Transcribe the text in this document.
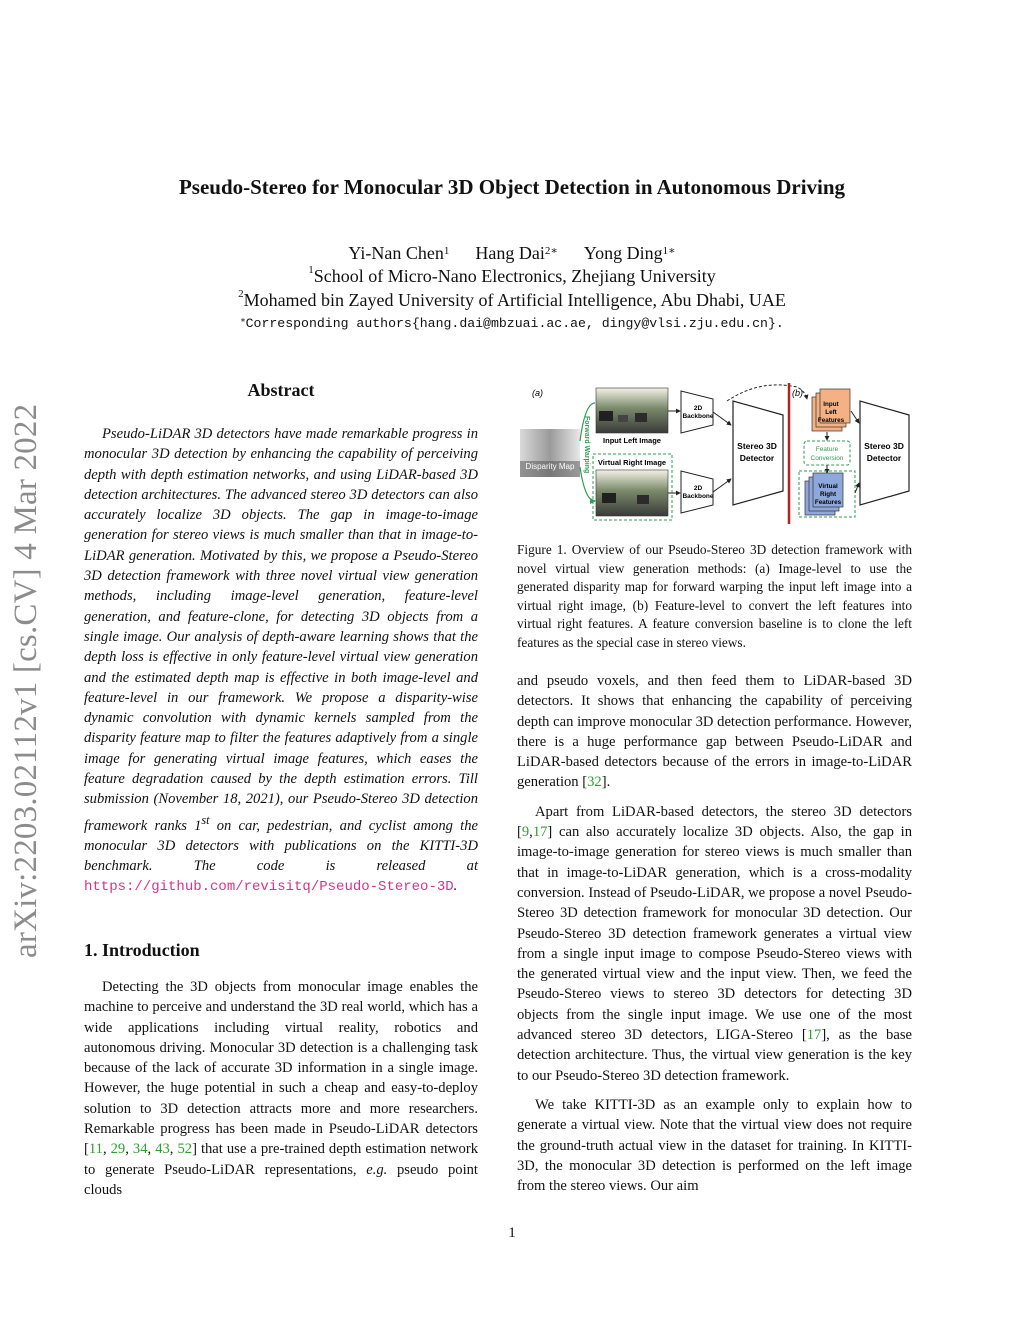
arXiv:2203.02112v1 [cs.CV] 4 Mar 2022
Pseudo-Stereo for Monocular 3D Object Detection in Autonomous Driving
Yi-Nan Chen$^1$ Hang Dai$^{2∗}$ Yong Ding$^{1∗}$
$^1$School of Micro-Nano Electronics, Zhejiang University
$^2$Mohamed bin Zayed University of Artificial Intelligence, Abu Dhabi, UAE
∗Corresponding authors{hang.dai@mbzuai.ac.ae, dingy@vlsi.zju.edu.cn}.
Abstract

Pseudo-LiDAR 3D detectors have made remarkable progress in monocular 3D detection by enhancing the capability of perceiving depth with depth estimation networks, and using LiDAR-based 3D detection architectures. The advanced stereo 3D detectors can also accurately localize 3D objects. The gap in image-to-image generation for stereo views is much smaller than that in image-to-LiDAR generation. Motivated by this, we propose a Pseudo-Stereo 3D detection framework with three novel virtual view generation methods, including image-level generation, feature-level generation, and feature-clone, for detecting 3D objects from a single image. Our analysis of depth-aware learning shows that the depth loss is effective in only feature-level virtual view generation and the estimated depth map is effective in both image-level and feature-level in our framework. We propose a disparity-wise dynamic convolution with dynamic kernels sampled from the disparity feature map to filter the features adaptively from a single image for generating virtual image features, which eases the feature degradation caused by the depth estimation errors. Till submission (November 18, 2021), our Pseudo-Stereo 3D detection framework ranks 1st on car, pedestrian, and cyclist among the monocular 3D detectors with publications on the KITTI-3D benchmark. The code is released at https://github.com/revisitq/Pseudo-Stereo-3D.

1. Introduction

Detecting the 3D objects from monocular image enables the machine to perceive and understand the 3D real world, which has a wide applications including virtual reality, robotics and autonomous driving. Monocular 3D detection is a challenging task because of the lack of accurate 3D information in a single image. However, the huge potential in such a cheap and easy-to-deploy solution to 3D detection attracts more and more researchers. Remarkable progress has been made in Pseudo-LiDAR detectors [11, 29, 34, 43, 52] that use a pre-trained depth estimation network to generate Pseudo-LiDAR representations, e.g. pseudo point clouds

(a)	(b)
Disparity Map Forward Warping Input Left Image
Virtual Right Image
2D
Backbone
2D
Backbone
Stereo 3D
Detector
Input
Left
Features
Feature
Conversion
Virtual
Right
Features
Stereo 3D
Detector

Figure 1. Overview of our Pseudo-Stereo 3D detection framework with novel virtual view generation methods: (a) Image-level to use the generated disparity map for forward warping the input left image into a virtual right image, (b) Feature-level to convert the left features into virtual right features. A feature conversion baseline is to clone the left features as the special case in stereo views.

and pseudo voxels, and then feed them to LiDAR-based 3D detectors. It shows that enhancing the capability of perceiving depth can improve monocular 3D detection performance. However, there is a huge performance gap between Pseudo-LiDAR and LiDAR-based detectors because of the errors in image-to-LiDAR generation [32].

Apart from LiDAR-based detectors, the stereo 3D detectors [9,17] can also accurately localize 3D objects. Also, the gap in image-to-image generation for stereo views is much smaller than that in image-to-LiDAR generation, which is a cross-modality conversion. Instead of Pseudo-LiDAR, we propose a novel Pseudo-Stereo 3D detection framework for monocular 3D detection. Our Pseudo-Stereo 3D detection framework generates a virtual view from a single input image to compose Pseudo-Stereo views with the generated virtual view and the input view. Then, we feed the Pseudo-Stereo views to stereo 3D detectors for detecting 3D objects from the single input image. We use one of the most advanced stereo 3D detectors, LIGA-Stereo [17], as the base detection architecture. Thus, the virtual view generation is the key to our Pseudo-Stereo 3D detection framework.

We take KITTI-3D as an example only to explain how to generate a virtual view. Note that the virtual view does not require the ground-truth actual view in the dataset for training. In KITTI-3D, the monocular 3D detection is performed on the left image from the stereo views. Our aim

1
